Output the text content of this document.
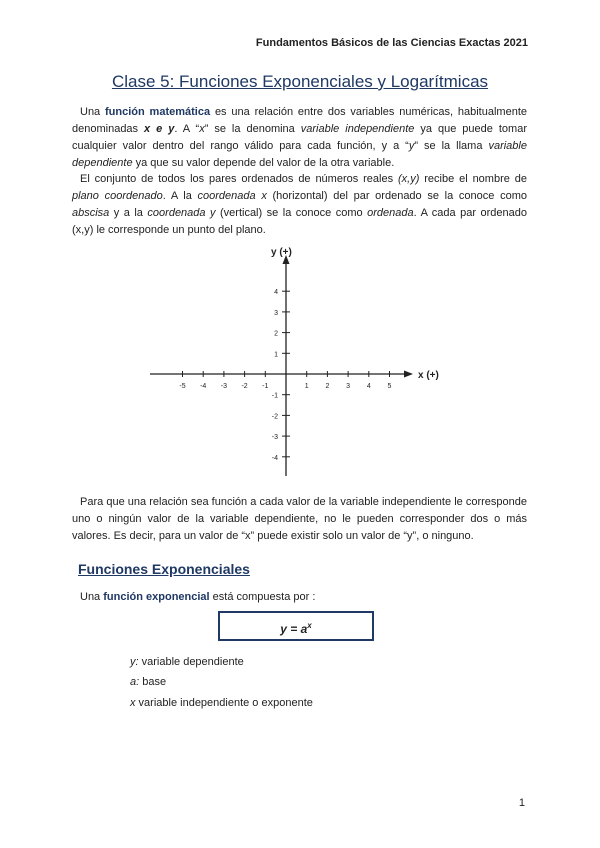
Fundamentos Básicos de las Ciencias Exactas 2021
Clase 5: Funciones Exponenciales y Logarítmicas

Una función matemática es una relación entre dos variables numéricas, habitualmente denominadas x e y. A “x” se la denomina variable independiente ya que puede tomar cualquier valor dentro del rango válido para cada función, y a “y” se la llama variable dependiente ya que su valor depende del valor de la otra variable.

El conjunto de todos los pares ordenados de números reales (x,y) recibe el nombre de plano coordenado. A la coordenada x (horizontal) del par ordenado se la conoce como abscisa y a la coordenada y (vertical) se la conoce como ordenada. A cada par ordenado (x,y) le corresponde un punto del plano.

x (+)
y (+)
-5 -4 -3 -2 -1	1 2 3 4 5
4
3
2
1
-1
-2
-3
-4

Para que una relación sea función a cada valor de la variable independiente le corresponde uno o ningún valor de la variable dependiente, no le pueden corresponder dos o más valores. Es decir, para un valor de “x” puede existir solo un valor de “y”, o ninguno.

Funciones Exponenciales

Una función exponencial está compuesta por :

$y = a^x$
y: variable dependiente
a: base
x variable independiente o exponente
1
